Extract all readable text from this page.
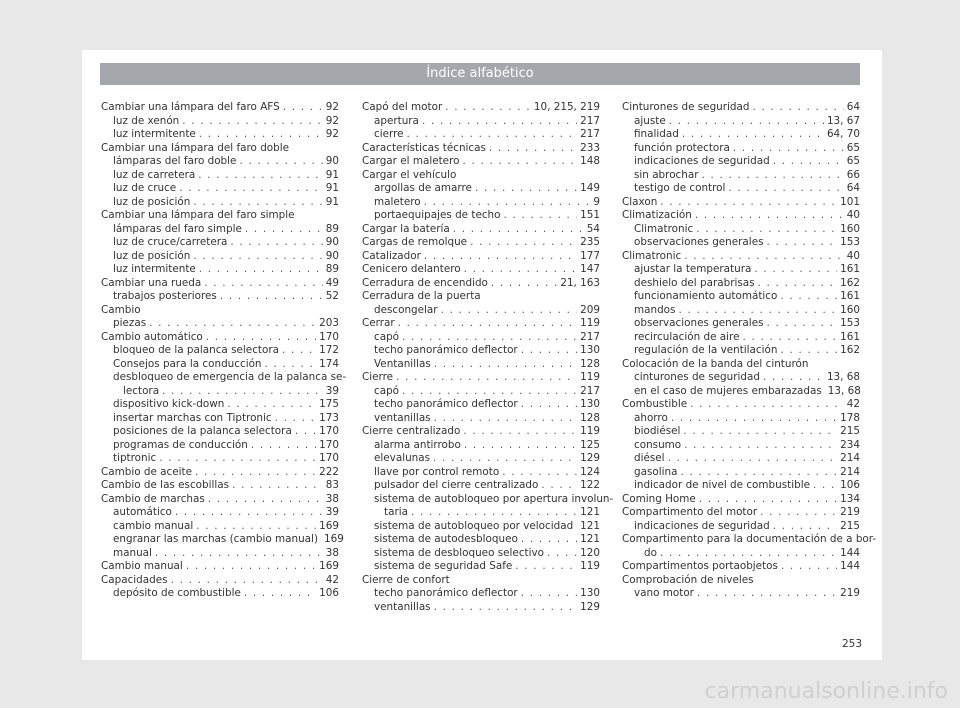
Índice alfabético
Cambiar una lámpara del faro AFS . . .	92
luz de xenón . . .	92
luz intermitente . . .	92
Cambiar una lámpara del faro doble
lámparas del faro doble . . .	90
luz de carretera . . .	91
luz de cruce . . .	91
luz de posición . . .	91
Cambiar una lámpara del faro simple
lámparas del faro simple . . .	89
luz de cruce/carretera . . .	90
luz de posición . . .	90
luz intermitente . . .	89
Cambiar una rueda . . .	49
trabajos posteriores . . .	52
Cambio
piezas . . .	203
Cambio automático . . .	170
bloqueo de la palanca selectora . . .	172
Consejos para la conducción . . .	174
desbloqueo de emergencia de la palanca se-
lectora . . .	39
dispositivo kick-down . . .	175
insertar marchas con Tiptronic . . .	173
posiciones de la palanca selectora . . .	170
programas de conducción . . .	170
tiptronic . . .	170
Cambio de aceite . . .	222
Cambio de las escobillas . . .	83
Cambio de marchas . . .	38
automático . . .	39
cambio manual . . .	169
engranar las marchas (cambio manual) 169
manual . . .	38
Cambio manual . . .	169
Capacidades . . .	42
depósito de combustible . . .	106
Capó del motor . . .	10, 215, 219
apertura . . .	217
cierre . . .	217
Características técnicas . . .	233
Cargar el maletero . . .	148
Cargar el vehículo
argollas de amarre . . .	149
maletero . . .	9
portaequipajes de techo . . .	151
Cargar la batería . . .	54
Cargas de remolque . . .	235
Catalizador . . .	177
Cenicero delantero . . .	147
Cerradura de encendido . . .	21, 163
Cerradura de la puerta
descongelar . . .	209
Cerrar . . .	119
capó . . .	217
techo panorámico deflector . . .	130
Ventanillas . . .	128
Cierre . . .	119
capó . . .	217
techo panorámico deflector . . .	130
ventanillas . . .	128
Cierre centralizado . . .	119
alarma antirrobo . . .	125
elevalunas . . .	129
llave por control remoto . . .	124
pulsador del cierre centralizado . . .	122
sistema de autobloqueo por apertura involun-
taria . . .	121
sistema de autobloqueo por velocidad . . . 121
sistema de autodesbloqueo . . .	121
sistema de desbloqueo selectivo . . .	120
sistema de seguridad Safe . . .	119
Cierre de confort
techo panorámico deflector . . .	130
ventanillas . . .	129
Cinturones de seguridad . . .	64
ajuste . . .	13, 67
finalidad . . .	64, 70
función protectora . . .	65
indicaciones de seguridad . . .	65
sin abrochar . . .	66
testigo de control . . .	64
Claxon . . .	101
Climatización . . .	40
Climatronic . . .	160
observaciones generales . . .	153
Climatronic . . .	40
ajustar la temperatura . . .	161
deshielo del parabrisas . . .	162
funcionamiento automático . . .	161
mandos . . .	160
observaciones generales . . .	153
recirculación de aire . . .	161
regulación de la ventilación . . .	162
Colocación de la banda del cinturón
cinturones de seguridad . . .	13, 68
en el caso de mujeres embarazadas 13, 68
Combustible . . .	42
ahorro . . .	178
biodiésel . . .	215
consumo . . .	234
diésel . . .	214
gasolina . . .	214
indicador de nivel de combustible . . .	106
Coming Home . . .	134
Compartimento del motor . . .	219
indicaciones de seguridad . . .	215
Compartimento para la documentación de a bor-
do . . .	144
Compartimentos portaobjetos . . .	144
Comprobación de niveles
vano motor . . .	219
253
carmanualsonline.info
